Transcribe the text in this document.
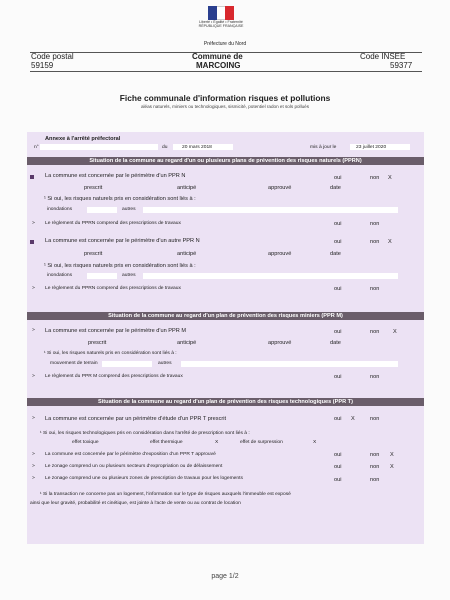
Liberté • Égalité • Fraternité
RÉPUBLIQUE FRANÇAISE
Préfecture du Nord
Code postal
59159
Commune de
MARCOING
Code INSEE
59377
Fiche communale d'information risques et pollutions
aléas naturels, miniers ou technologiques, sismicité, potentiel radon et sols pollués
Annexe à l'arrêté préfectoral
n°	du	20 mars 2018	mis à jour le	23 juillet 2020
Situation de la commune au regard d'un ou plusieurs plans de prévention des risques naturels (PPRN)
La commune est concernée par le périmètre d'un PPR N	oui	non X
prescrit	anticipé	approuvé	date
¹ Si oui, les risques naturels pris en considération sont liés à :
inondations	autres
> Le règlement du PPRN comprend des prescriptions de travaux	oui	non
La commune est concernée par le périmètre d'un autre PPR N	oui	non X
prescrit	anticipé	approuvé	date
¹ Si oui, les risques naturels pris en considération sont liés à :
inondations	autres
> Le règlement du PPRN comprend des prescriptions de travaux	oui	non
Situation de la commune au regard d'un plan de prévention des risques miniers (PPR M)
> La commune est concernée par le périmètre d'un PPR M	oui	non X
prescrit	anticipé	approuvé	date
¹ Si oui, les risques naturels pris en considération sont liés à :
mouvement de terrain	autres
> Le règlement du PPR M comprend des prescriptions de travaux	oui	non
Situation de la commune au regard d'un plan de prévention des risques technologiques (PPR T)
> La commune est concernée par un périmètre d'étude d'un PPR T prescrit	oui X	non
¹ Si oui, les risques technologiques pris en considération dans l'arrêté de prescription sont liés à :
effet toxique	effet thermique	X	effet de surpression	X
> La commune est concernée par le périmètre d'exposition d'un PPR T approuvé	oui	non X
> Le zonage comprend un ou plusieurs secteurs d'expropriation ou de délaissement	oui	non X
> Le zonage comprend une ou plusieurs zones de prescription de travaux pour les logements	oui	non
¹ Si la transaction ne concerne pas un logement, l'information sur le type de risques auxquels l'immeuble est exposé
ainsi que leur gravité, probabilité et cinétique, est jointe à l'acte de vente ou au contrat de location
page 1/2
